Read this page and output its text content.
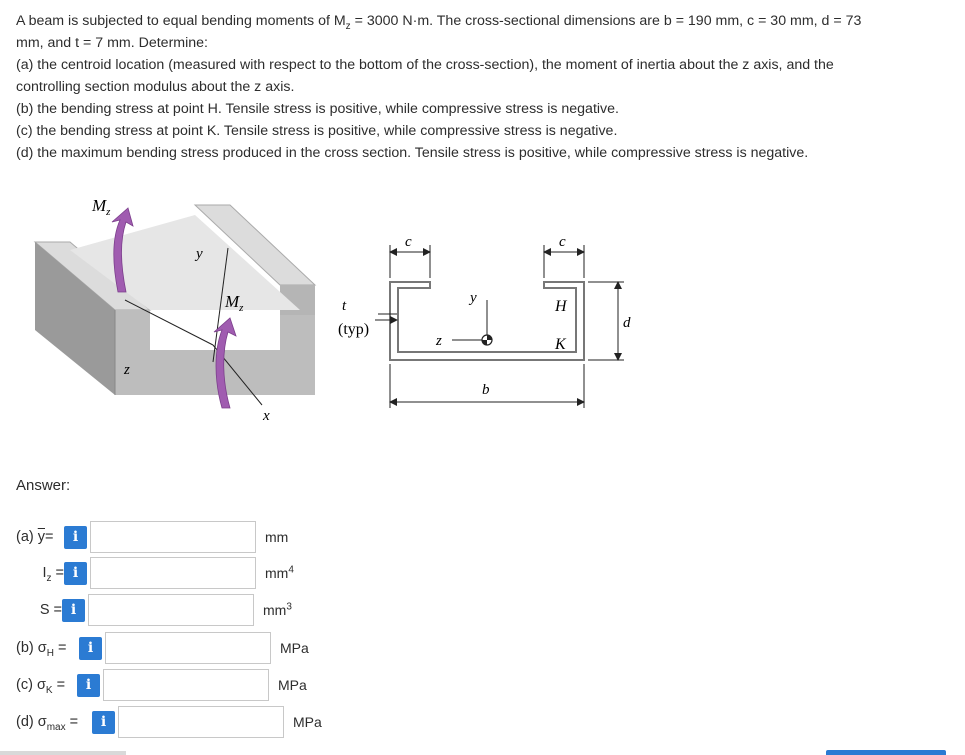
A beam is subjected to equal bending moments of $M_z = 3000$ N·m. The cross-sectional dimensions are b = 190 mm, c = 30 mm, d = 73

mm, and t = 7 mm. Determine:

(a) the centroid location (measured with respect to the bottom of the cross-section), the moment of inertia about the z axis, and the

controlling section modulus about the z axis.

(b) the bending stress at point H. Tensile stress is positive, while compressive stress is negative.

(c) the bending stress at point K. Tensile stress is positive, while compressive stress is negative.

(d) the maximum bending stress produced in the cross section. Tensile stress is positive, while compressive stress is negative.

y
z
x
$M_z$
$M_z$
c	c
t
(typ)
y
z
H
K
d
b
Answer:
(a) $\overline{y}=$	i	mm
$I_z = i$	$mm^4$
S = i	$mm^3$
(b) $\sigma_H$ =	i	MPa
(c) $\sigma_K$ =	i	MPa
(d) $\sigma_{max}$ =	i	MPa
